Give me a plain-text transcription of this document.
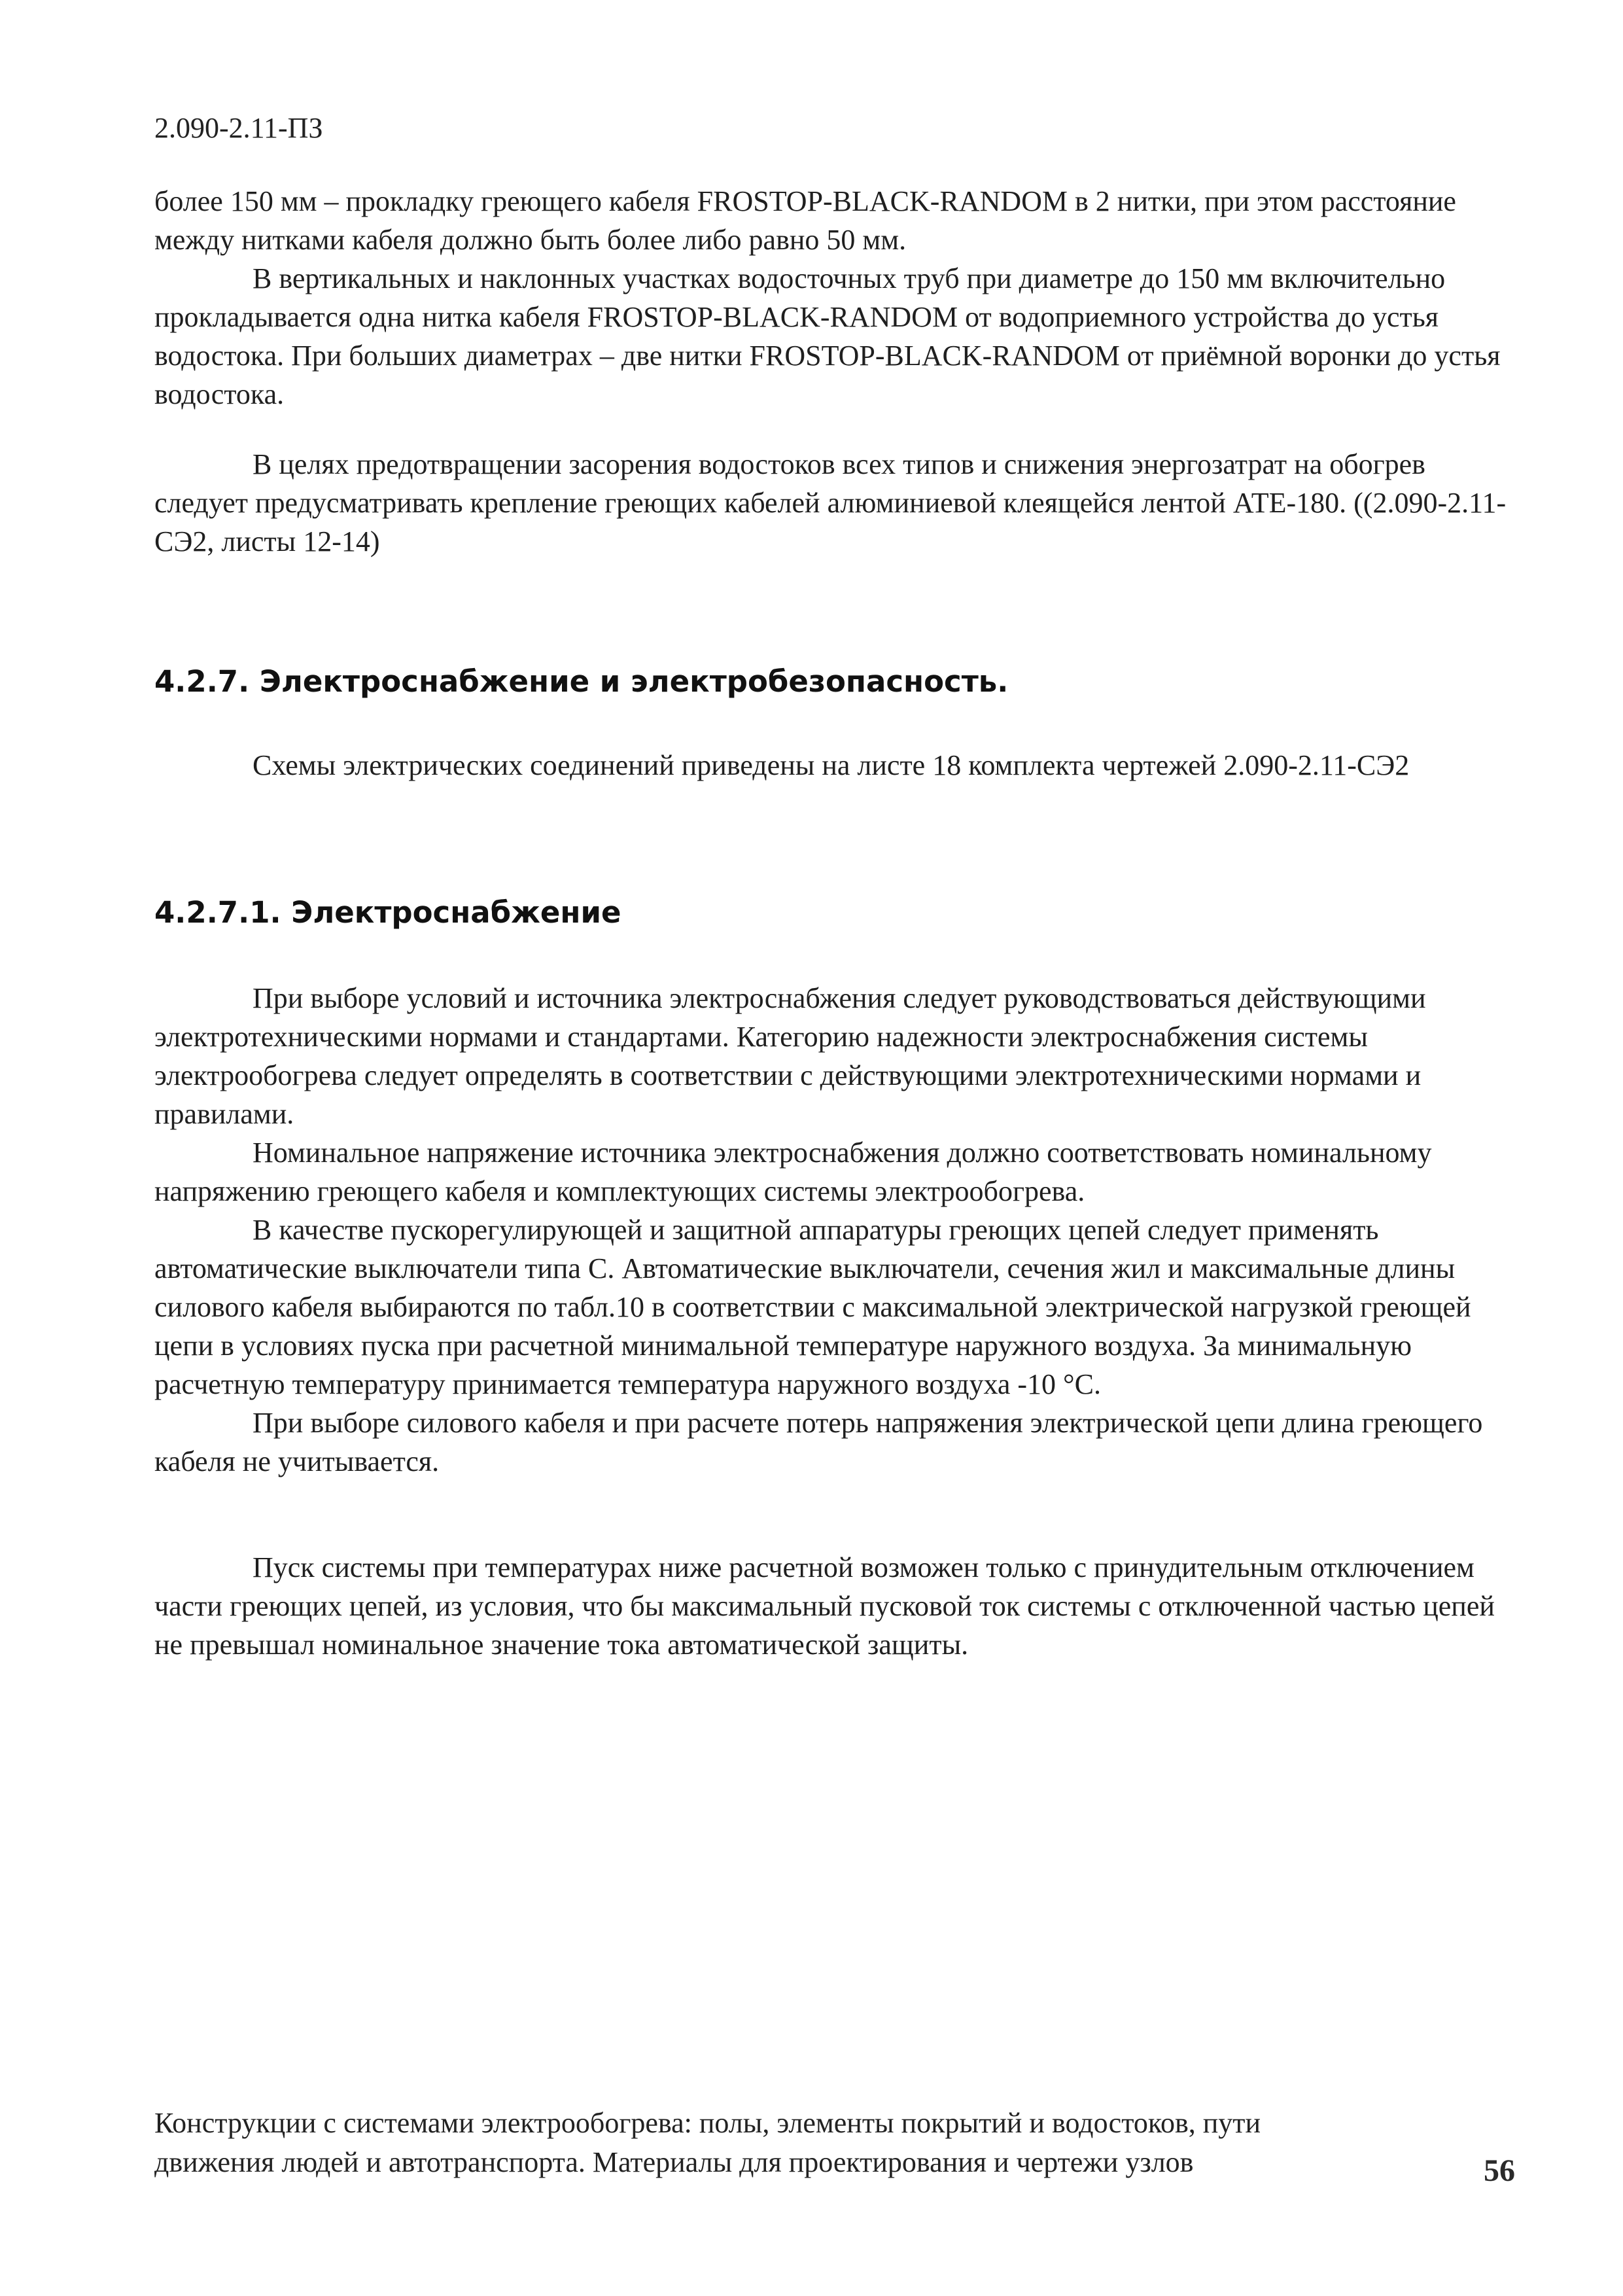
2.090-2.11-ПЗ

более 150 мм – прокладку греющего кабеля FROSTOP-BLACK-RANDOM в 2 нитки, при этом расстояние между нитками кабеля должно быть более либо равно 50 мм.

В вертикальных и наклонных участках водосточных труб при диаметре до 150 мм включительно прокладывается одна нитка кабеля FROSTOP-BLACK-RANDOM от водоприемного устройства до устья водостока. При больших диаметрах – две нитки FROSTOP-BLACK-RANDOM от приёмной воронки до устья водостока.

В целях предотвращении засорения водостоков всех типов и снижения энергозатрат на обогрев следует предусматривать крепление греющих кабелей алюминиевой клеящейся лентой АТЕ-180. ((2.090-2.11-СЭ2, листы 12-14)

4.2.7. Электроснабжение и электробезопасность.

Схемы электрических соединений приведены на листе 18 комплекта чертежей 2.090-2.11-СЭ2

4.2.7.1. Электроснабжение

При выборе условий и источника электроснабжения следует руководствоваться действующими электротехническими нормами и стандартами. Категорию надежности электроснабжения системы электрообогрева следует определять в соответствии с действующими электротехническими нормами и правилами.

Номинальное напряжение источника электроснабжения должно соответствовать номинальному напряжению греющего кабеля и комплектующих системы электрообогрева.

В качестве пускорегулирующей и защитной аппаратуры греющих цепей следует применять автоматические выключатели типа С. Автоматические выключатели, сечения жил и максимальные длины силового кабеля выбираются по табл.10 в соответствии с максимальной электрической нагрузкой греющей цепи в условиях пуска при расчетной минимальной температуре наружного воздуха. За минимальную расчетную температуру принимается температура наружного воздуха -10 °С.

При выборе силового кабеля и при расчете потерь напряжения электрической цепи длина греющего кабеля не учитывается.

Пуск системы при температурах ниже расчетной возможен только с принудительным отключением части греющих цепей, из условия, что бы максимальный пусковой ток системы с отключенной частью цепей не превышал номинальное значение тока автоматической защиты.

Конструкции с системами электрообогрева: полы, элементы покрытий и водостоков, пути
движения людей и автотранспорта. Материалы для проектирования и чертежи узлов	56
